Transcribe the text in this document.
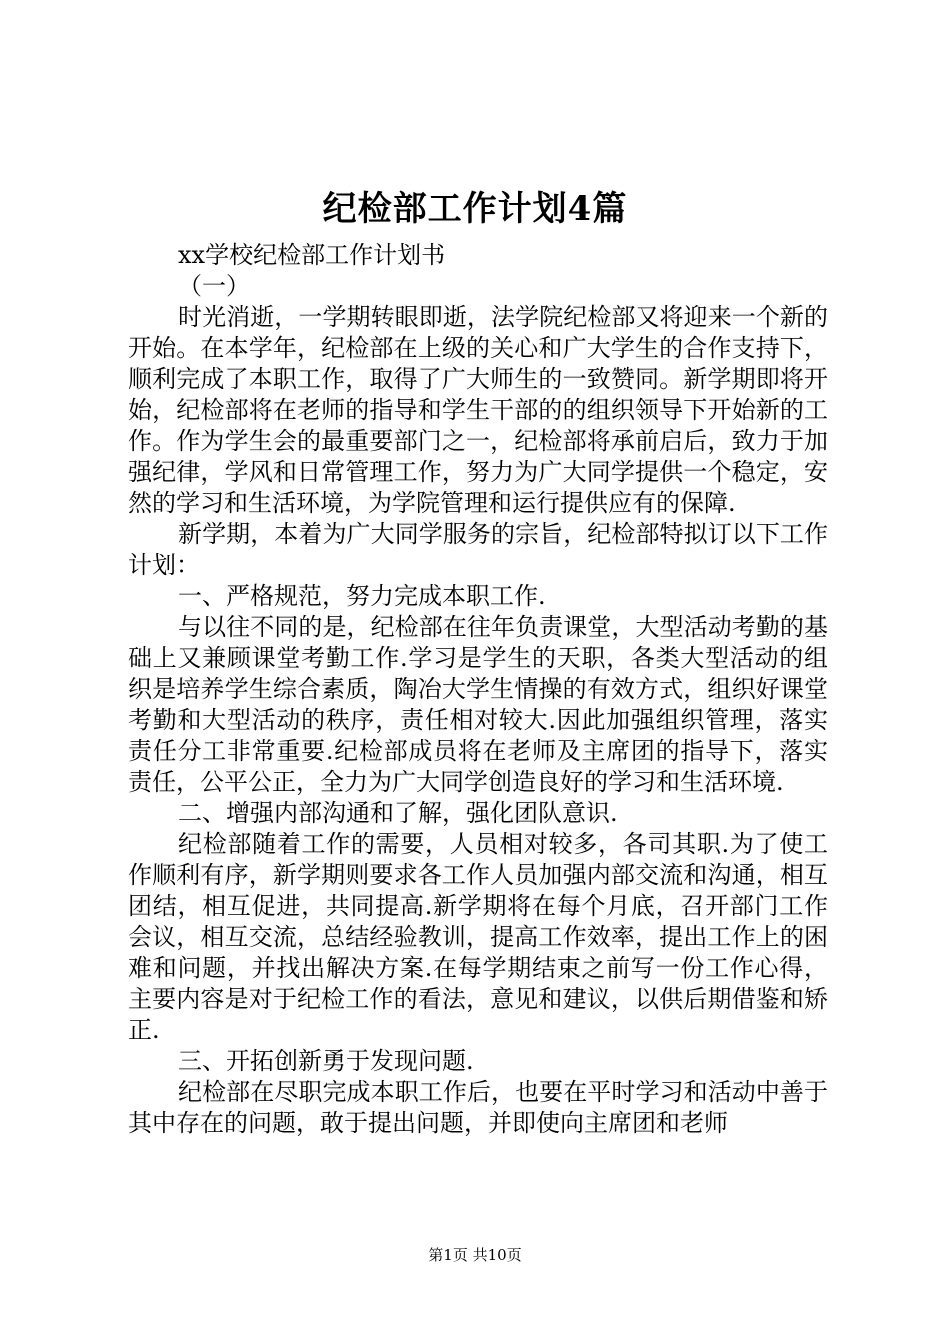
纪检部工作计划4篇

xx学校纪检部工作计划书

（一）

时光消逝，一学期转眼即逝，法学院纪检部又将迎来一个新的开始。在本学年，纪检部在上级的关心和广大学生的合作支持下，顺利完成了本职工作，取得了广大师生的一致赞同。新学期即将开始，纪检部将在老师的指导和学生干部的的组织领导下开始新的工作。作为学生会的最重要部门之一，纪检部将承前启后，致力于加强纪律，学风和日常管理工作，努力为广大同学提供一个稳定，安然的学习和生活环境，为学院管理和运行提供应有的保障.

新学期，本着为广大同学服务的宗旨，纪检部特拟订以下工作计划：

一、严格规范，努力完成本职工作.

与以往不同的是，纪检部在往年负责课堂，大型活动考勤的基础上又兼顾课堂考勤工作.学习是学生的天职，各类大型活动的组织是培养学生综合素质，陶冶大学生情操的有效方式，组织好课堂考勤和大型活动的秩序，责任相对较大.因此加强组织管理，落实责任分工非常重要.纪检部成员将在老师及主席团的指导下，落实责任，公平公正，全力为广大同学创造良好的学习和生活环境.

二、增强内部沟通和了解，强化团队意识.

纪检部随着工作的需要，人员相对较多，各司其职.为了使工作顺利有序，新学期则要求各工作人员加强内部交流和沟通，相互团结，相互促进，共同提高.新学期将在每个月底，召开部门工作会议，相互交流，总结经验教训，提高工作效率，提出工作上的困难和问题，并找出解决方案.在每学期结束之前写一份工作心得，主要内容是对于纪检工作的看法，意见和建议，以供后期借鉴和矫正.

三、开拓创新勇于发现问题.

纪检部在尽职完成本职工作后，也要在平时学习和活动中善于其中存在的问题，敢于提出问题，并即使向主席团和老师

第1页 共10页
